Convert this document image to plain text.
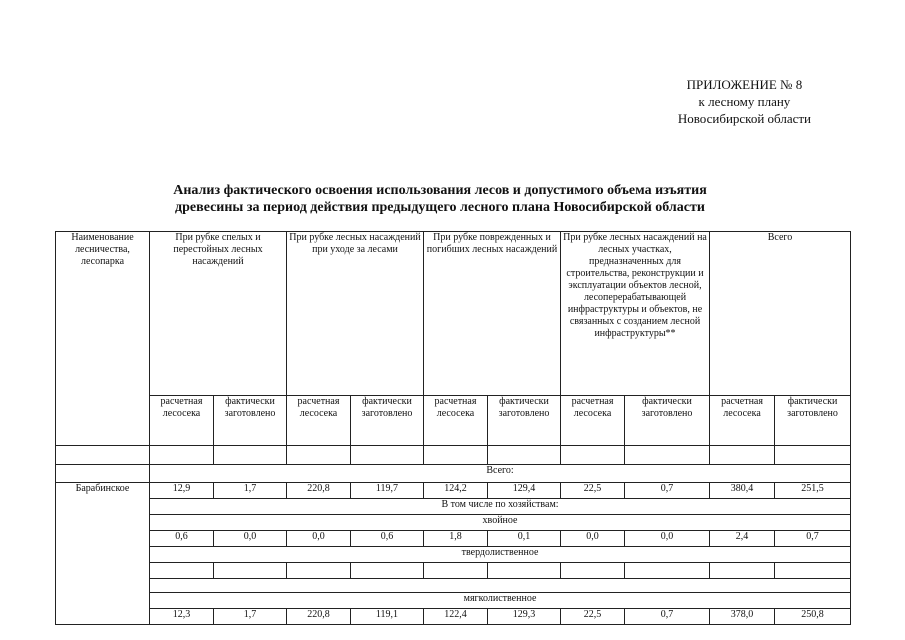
ПРИЛОЖЕНИЕ № 8
к лесному плану
Новосибирской области
Анализ фактического освоения использования лесов и допустимого объема изъятия
древесины за период действия предыдущего лесного плана Новосибирской области
Наименование лесничества, лесопарка	При рубке спелых и перестойных лесных насаждений		При рубке лесных насаждений при уходе за лесами		При рубке поврежденных и погибших лесных насаждений		При рубке лесных насаждений на лесных участках, предназначенных для строительства, реконструкции и эксплуатации объектов лесной, лесоперерабатывающей инфраструктуры и объектов, не связанных с созданием лесной инфраструктуры**		Всего	
	расчетная лесосека	фактически заготовлено	расчетная лесосека	фактически заготовлено	расчетная лесосека	фактически заготовлено	расчетная лесосека	фактически заготовлено	расчетная лесосека	фактически заготовлено

	Всего:									
Барабинское	12,9	1,7	220,8	119,7	124,2	129,4	22,5	0,7	380,4	251,5
	В том числе по хозяйствам:									
	хвойное									
	0,6	0,0	0,0	0,6	1,8	0,1	0,0	0,0	2,4	0,7
	твердолиственное									

	мягколиственное									
	12,3	1,7	220,8	119,1	122,4	129,3	22,5	0,7	378,0	250,8
